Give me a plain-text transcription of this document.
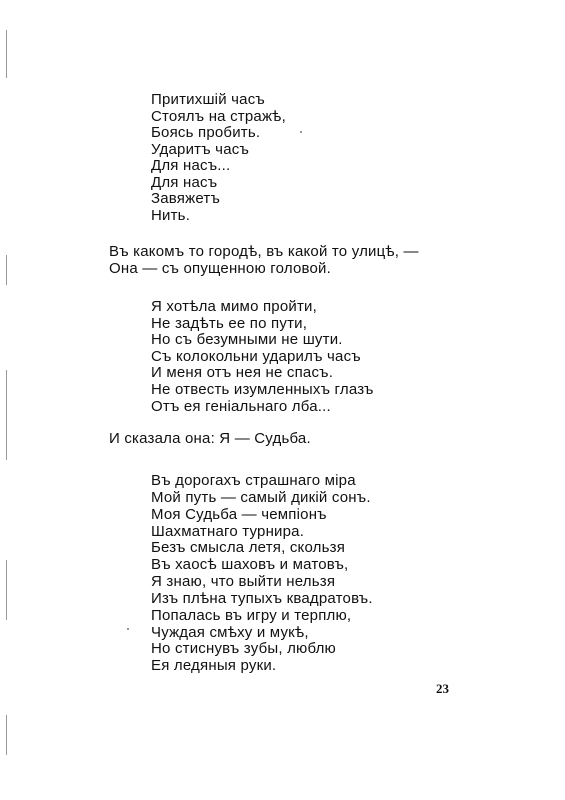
Притихшій часъ
Стоялъ на стражѣ,
Боясь пробить.
Ударитъ часъ
Для насъ...
Для насъ
Завяжетъ
Нить.
Въ какомъ то городѣ, въ какой то улицѣ, —
Она — съ опущенною головой.
Я хотѣла мимо пройти,
Не задѣть ее по пути,
Но съ безумными не шути.
Съ колокольни ударилъ часъ
И меня отъ нея не спасъ.
Не отвесть изумленныхъ глазъ
Отъ ея геніальнаго лба...
И сказала она: Я — Судьба.
Въ дорогахъ страшнаго міра
Мой путь — самый дикій сонъ.
Моя Судьба — чемпіонъ
Шахматнаго турнира.
Безъ смысла летя, скользя
Въ хаосѣ шаховъ и матовъ,
Я знаю, что выйти нельзя
Изъ плѣна тупыхъ квадратовъ.
Попалась въ игру и терплю,
Чуждая смѣху и мукѣ,
Но стиснувъ зубы, люблю
Ея ледяныя руки.
23
